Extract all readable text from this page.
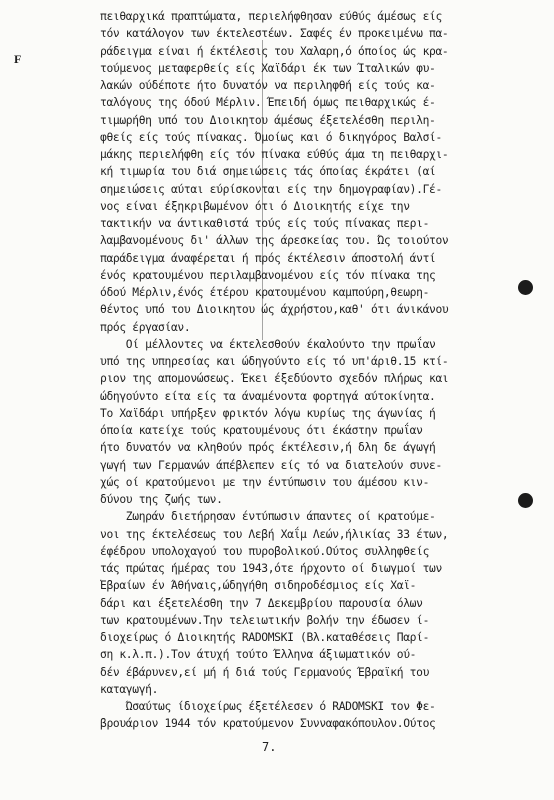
F
πειθαρχικά πραπτώματα, περιελήφθησαν εύθύς άμέσως είς
τόν κατάλογον των έκτελεστέων. Σαφές έν προκειμένω πα-
ράδειγμα είναι ή έκτέλεσις του Χαλαρη,ό όποίος ώς κρα-
τούμενος μεταφερθείς είς Χαϊδάρι έκ των Ίταλικών φυ-
λακών ούδέποτε ήτο δυνατόν να περιληφθή είς τούς κα-
ταλόγους της όδού Μέρλιν. Έπειδή όμως πειθαρχικώς έ-
τιμωρήθη υπό του Διοικητου άμέσως έξετελέσθη περιλη-
φθείς είς τούς πίνακας. Όμοίως και ό δικηγόρος Βαλσί-
μάκης περιελήφθη είς τόν πίνακα εύθύς άμα τη πειθαρχι-
κή τιμωρία του διά σημειώσεις τάς όποίας έκράτει (αί
σημειώσεις αύται εύρίσκονται είς την δημογραφίαν).Γέ-
νος είναι έξηκριβωμένον ότι ό Διοικητής είχε την
τακτικήν να άντικαθιστά τούς είς τούς πίνακας περι-
λαμβανομένους δι' άλλων της άρεσκείας του. Ώς τοιούτον
παράδειγμα άναφέρεται ή πρός έκτέλεσιν άποστολή άντί
ένός κρατουμένου περιλαμβανομένου είς τόν πίνακα της
όδού Μέρλιν,ένός έτέρου κρατουμένου καμπούρη,θεωρη-
θέντος υπό του Διοικητου ώς άχρήστου,καθ' ότι άνικάνου
πρός έργασίαν.
Οί μέλλοντες να έκτελεσθούν έκαλούντο την πρωΐαν
υπό της υπηρεσίας και ώδηγούντο είς τό υπ'άριθ.15 κτί-
ριον της απομονώσεως. Έκει έξεδύοντο σχεδόν πλήρως και
ώδηγούντο είτα είς τα άναμένοντα φορτηγά αύτοκίνητα.
Το Χαϊδάρι υπήρξεν φρικτόν λόγω κυρίως της άγωνίας ή
όποία κατείχε τούς κρατουμένους ότι έκάστην πρωΐαν
ήτο δυνατόν να κληθούν πρός έκτέλεσιν,ή δλη δε άγωγή
γωγή των Γερμανών άπέβλεπεν είς τό να διατελούν συνε-
χώς οί κρατούμενοι με την έντύπωσιν του άμέσου κιν-
δύνου της ζωής των.
Ζωηράν διετήρησαν έντύπωσιν άπαντες οί κρατούμε-
νοι της έκτελέσεως του Λεβή Χαΐμ Λεών,ήλικίας 33 έτων,
έφέδρου υπολοχαγού του πυροβολικού.Ούτος συλληφθείς
τάς πρώτας ήμέρας του 1943,ότε ήρχοντο οί διωγμοί των
Έβραίων έν Άθήναις,ώδηγήθη σιδηροδέσμιος είς Χαϊ-
δάρι και έξετελέσθη την 7 Δεκεμβρίου παρουσία όλων
των κρατουμένων.Την τελειωτικήν βολήν την έδωσεν ί-
διοχείρως ό Διοικητής RADOMSKI (Βλ.καταθέσεις Παρί-
ση κ.λ.π.).Τον άτυχή τούτο Έλληνα άξιωματικόν ού-
δέν έβάρυνεν,εί μή ή διά τούς Γερμανούς Έβραϊκή του
καταγωγή.
Ώσαύτως ίδιοχείρως έξετέλεσεν ό RADOMSKI τον Φε-
βρουάριον 1944 τόν κρατούμενον Συνναφακόπουλον.Ούτος
7.
